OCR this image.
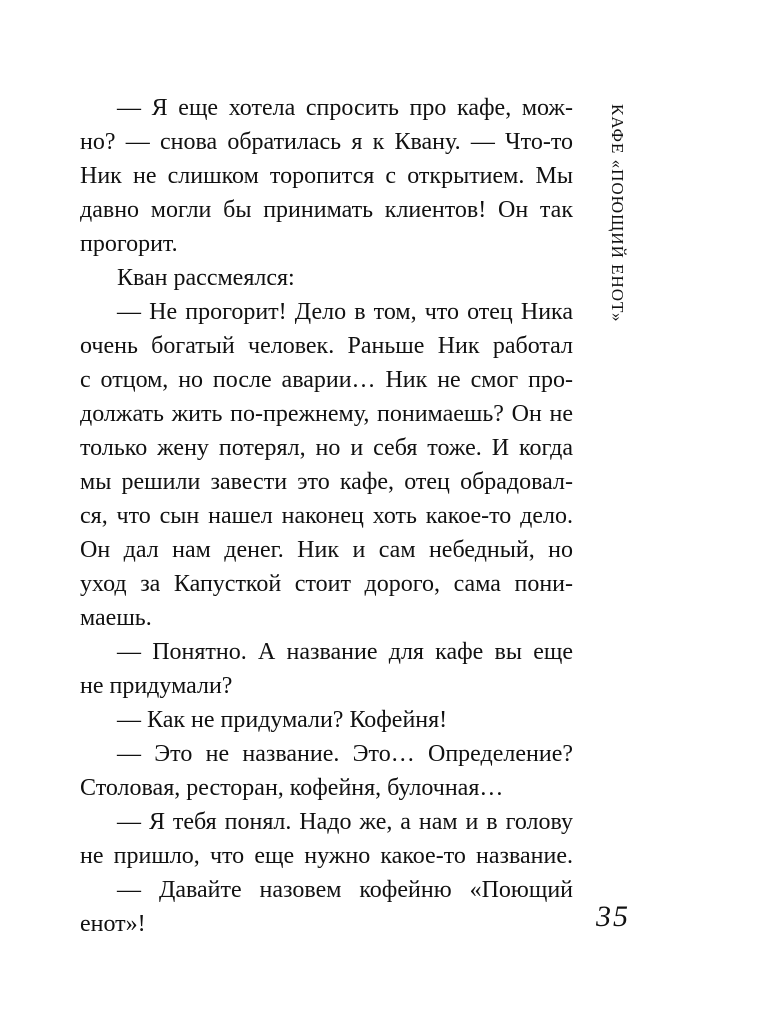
— Я еще хотела спросить про кафе, мож-
но? — снова обратилась я к Квану. — Что-то
Ник не слишком торопится с открытием. Мы
давно могли бы принимать клиентов! Он так
прогорит.
Кван рассмеялся:
— Не прогорит! Дело в том, что отец Ника
очень богатый человек. Раньше Ник работал
с отцом, но после аварии… Ник не смог про-
должать жить по-прежнему, понимаешь? Он не
только жену потерял, но и себя тоже. И когда
мы решили завести это кафе, отец обрадовал-
ся, что сын нашел наконец хоть какое-то дело.
Он дал нам денег. Ник и сам небедный, но
уход за Капусткой стоит дорого, сама пони-
маешь.
— Понятно. А название для кафе вы еще
не придумали?
— Как не придумали? Кофейня!
— Это не название. Это… Определение?
Столовая, ресторан, кофейня, булочная…
— Я тебя понял. Надо же, а нам и в голову
не пришло, что еще нужно какое-то название.
— Давайте назовем кофейню «Поющий
енот»!
КАФЕ «ПОЮЩИЙ ЕНОТ»
35
